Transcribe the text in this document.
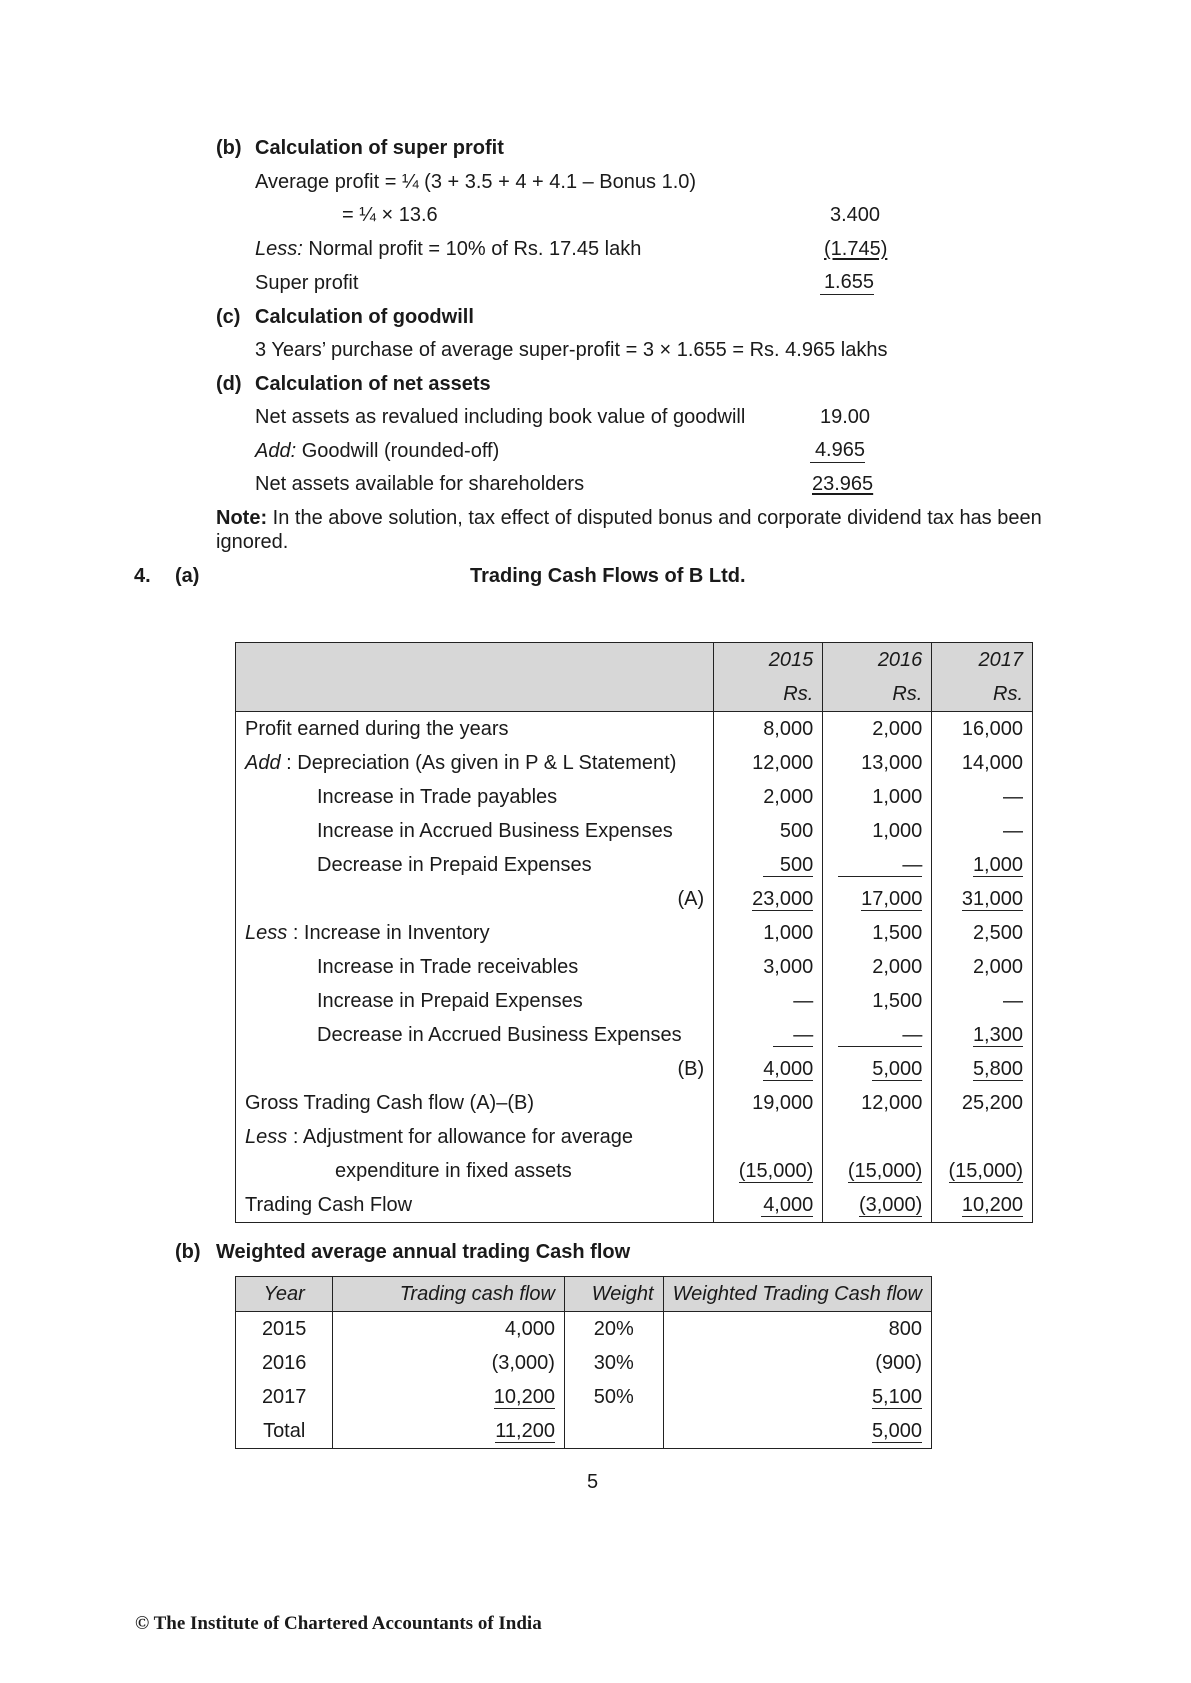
(b) Calculation of super profit
Average profit = ¼ (3 + 3.5 + 4 + 4.1 – Bonus 1.0)
= ¼ × 13.6	3.400
Less: Normal profit = 10% of Rs. 17.45 lakh	(1.745)
Super profit	1.655
(c) Calculation of goodwill
3 Years’ purchase of average super-profit = 3 × 1.655 = Rs. 4.965 lakhs
(d) Calculation of net assets
Net assets as revalued including book value of goodwill	19.00
Add: Goodwill (rounded-off)	4.965
Net assets available for shareholders	23.965
Note: In the above solution, tax effect of disputed bonus and corporate dividend tax has been
ignored.
4. (a)	Trading Cash Flows of B Ltd.
	2015	2016	2017
	Rs.	Rs.	Rs.
Profit earned during the years	8,000	2,000	16,000
Add : Depreciation (As given in P & L Statement)	12,000	13,000	14,000
Increase in Trade payables	2,000	1,000	—
Increase in Accrued Business Expenses	500	1,000	—
Decrease in Prepaid Expenses	500	—	1,000
(A)	23,000	17,000	31,000
Less : Increase in Inventory	1,000	1,500	2,500
Increase in Trade receivables	3,000	2,000	2,000
Increase in Prepaid Expenses	—	1,500	—
Decrease in Accrued Business Expenses	—	—	1,300
(B)	4,000	5,000	5,800
Gross Trading Cash flow (A)–(B)	19,000	12,000	25,200
Less : Adjustment for allowance for average			
expenditure in fixed assets	(15,000)	(15,000)	(15,000)
Trading Cash Flow	4,000	(3,000)	10,200
(b) Weighted average annual trading Cash flow
Year	Trading cash flow	Weight	Weighted Trading Cash flow
2015	4,000	20%	800
2016	(3,000)	30%	(900)
2017	10,200	50%	5,100
Total	11,200		5,000
5
© The Institute of Chartered Accountants of India
